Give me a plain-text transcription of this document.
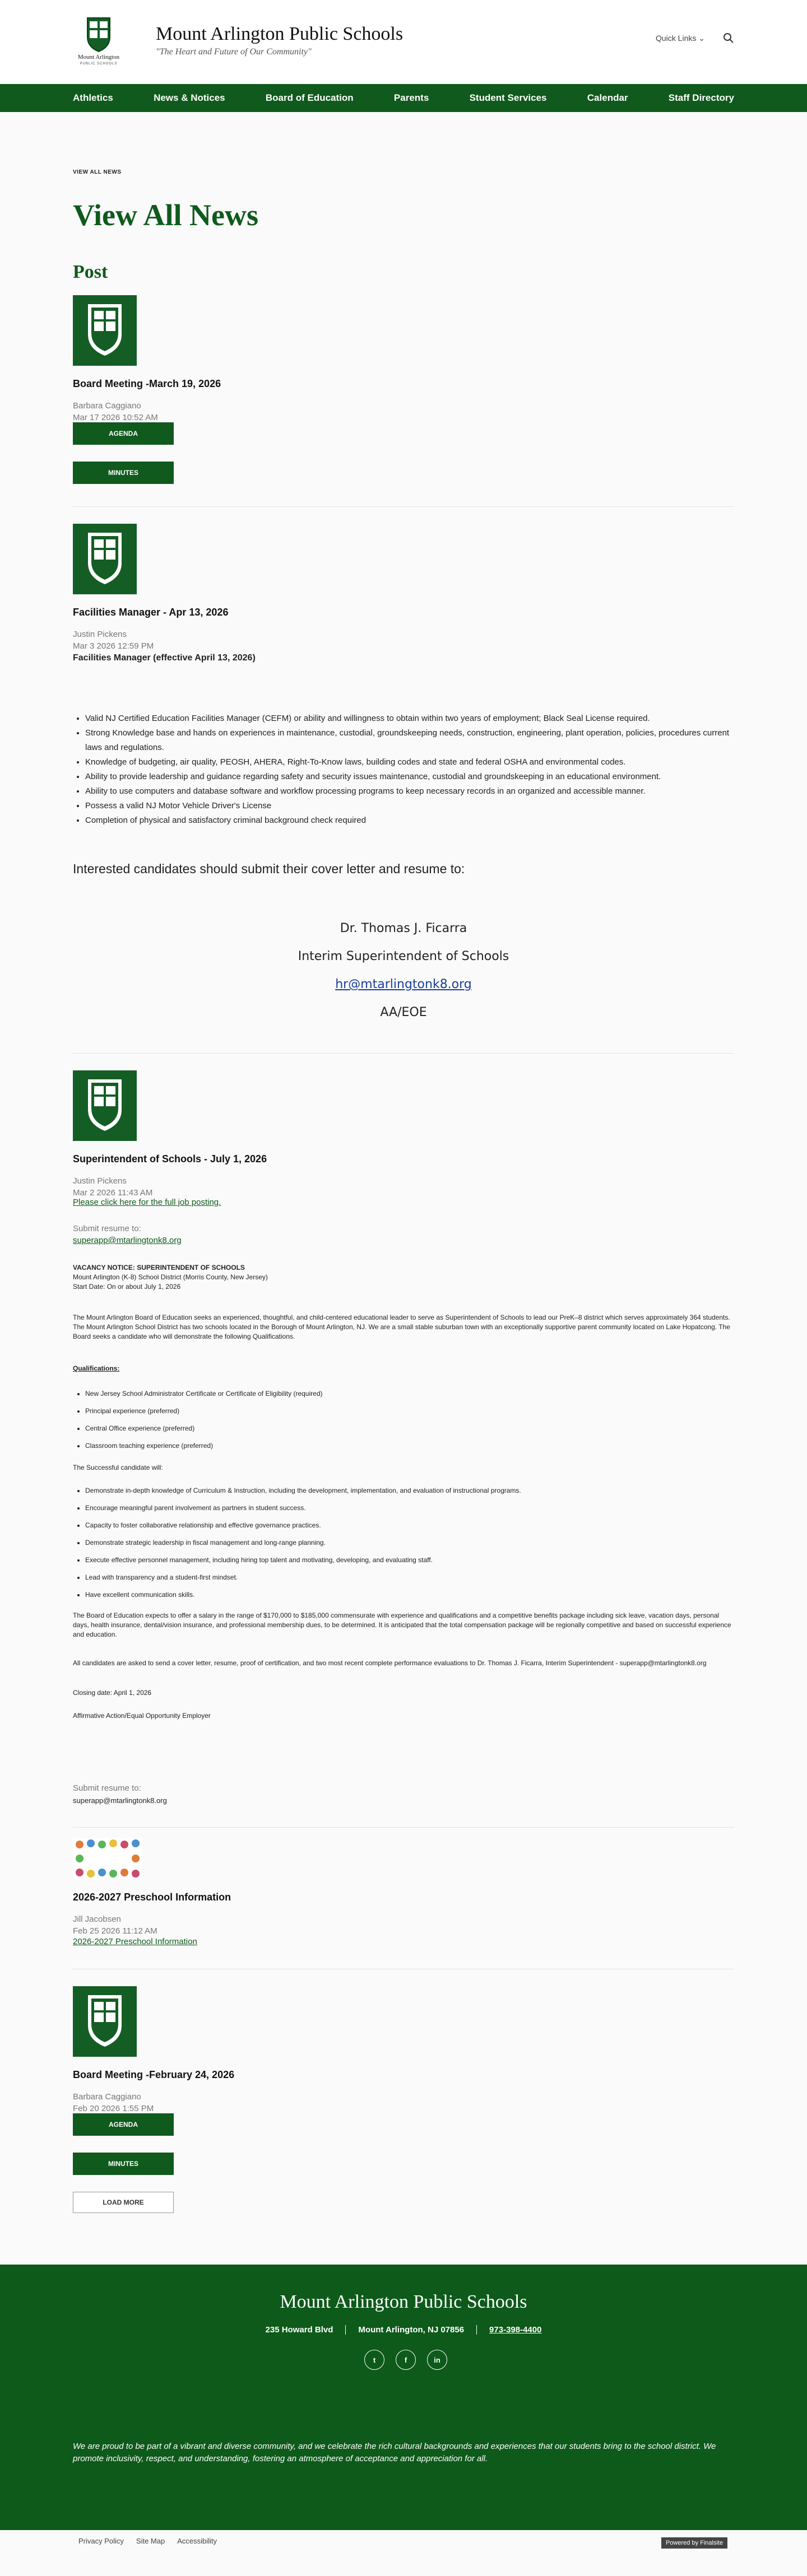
Mount Arlington
PUBLIC SCHOOLS
Mount Arlington Public Schools
"The Heart and Future of Our Community"
Quick Links ⌄
Athletics	News & Notices	Board of Education	Parents	Student Services	Calendar	Staff Directory
VIEW ALL NEWS
View All News
Post
Board Meeting -March 19, 2026
Barbara Caggiano
Mar 17 2026 10:52 AM
AGENDA
MINUTES
Facilities Manager - Apr 13, 2026
Justin Pickens
Mar 3 2026 12:59 PM
Facilities Manager (effective April 13, 2026)
• Valid NJ Certified Education Facilities Manager (CEFM) or ability and willingness to obtain within two years of employment; Black Seal License required.
• Strong Knowledge base and hands on experiences in maintenance, custodial, groundskeeping needs, construction, engineering, plant operation, policies, procedures current laws and regulations.
• Knowledge of budgeting, air quality, PEOSH, AHERA, Right-To-Know laws, building codes and state and federal OSHA and environmental codes.
• Ability to provide leadership and guidance regarding safety and security issues maintenance, custodial and groundskeeping in an educational environment.
• Ability to use computers and database software and workflow processing programs to keep necessary records in an organized and accessible manner.
• Possess a valid NJ Motor Vehicle Driver's License
• Completion of physical and satisfactory criminal background check required
Interested candidates should submit their cover letter and resume to:
Dr. Thomas J. Ficarra
Interim Superintendent of Schools
hr@mtarlingtonk8.org
AA/EOE
Superintendent of Schools - July 1, 2026
Justin Pickens
Mar 2 2026 11:43 AM
Please click here for the full job posting.
Submit resume to:
superapp@mtarlingtonk8.org
VACANCY NOTICE: SUPERINTENDENT OF SCHOOLS
Mount Arlington (K-8) School District (Morris County, New Jersey)
Start Date: On or about July 1, 2026
The Mount Arlington Board of Education seeks an experienced, thoughtful, and child-centered educational leader to serve as Superintendent of Schools to lead our PreK–8 district which serves approximately 364 students. The Mount Arlington School District has two schools located in the Borough of Mount Arlington, NJ. We are a small stable suburban town with an exceptionally supportive parent community located on Lake Hopatcong. The Board seeks a candidate who will demonstrate the following Qualifications.
Qualifications:
• New Jersey School Administrator Certificate or Certificate of Eligibility (required)
• Principal experience (preferred)
• Central Office experience (preferred)
• Classroom teaching experience (preferred)
The Successful candidate will:
• Demonstrate in-depth knowledge of Curriculum & Instruction, including the development, implementation, and evaluation of instructional programs.
• Encourage meaningful parent involvement as partners in student success.
• Capacity to foster collaborative relationship and effective governance practices.
• Demonstrate strategic leadership in fiscal management and long-range planning.
• Execute effective personnel management, including hiring top talent and motivating, developing, and evaluating staff.
• Lead with transparency and a student-first mindset.
• Have excellent communication skills.
The Board of Education expects to offer a salary in the range of $170,000 to $185,000 commensurate with experience and qualifications and a competitive benefits package including sick leave, vacation days, personal days, health insurance, dental/vision insurance, and professional membership dues, to be determined. It is anticipated that the total compensation package will be regionally competitive and based on successful experience and education.
All candidates are asked to send a cover letter, resume, proof of certification, and two most recent complete performance evaluations to Dr. Thomas J. Ficarra, Interim Superintendent - superapp@mtarlingtonk8.org
Closing date: April 1, 2026
Affirmative Action/Equal Opportunity Employer
Submit resume to:
superapp@mtarlingtonk8.org
2026-2027 Preschool Information
Jill Jacobsen
Feb 25 2026 11:12 AM
2026-2027 Preschool Information
Board Meeting -February 24, 2026
Barbara Caggiano
Feb 20 2026 1:55 PM
AGENDA
MINUTES
LOAD MORE
Mount Arlington Public Schools
235 Howard Blvd	Mount Arlington, NJ 07856	973-398-4400
t	f	in
We are proud to be part of a vibrant and diverse community, and we celebrate the rich cultural backgrounds and experiences that our students bring to the school district. We promote inclusivity, respect, and understanding, fostering an atmosphere of acceptance and appreciation for all.
Privacy Policy Site Map Accessibility	Powered by Finalsite
